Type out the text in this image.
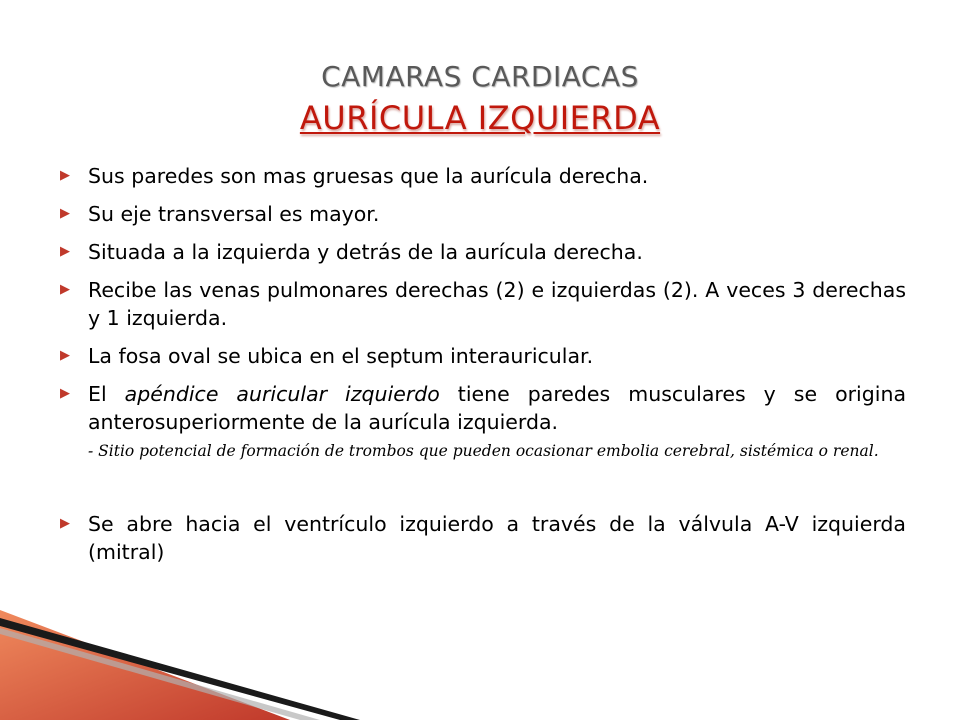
CAMARAS CARDIACAS
AURÍCULA IZQUIERDA
▶ Sus paredes son mas gruesas que la aurícula derecha.
▶ Su eje transversal es mayor.
▶ Situada a la izquierda y detrás de la aurícula derecha.
▶ Recibe las venas pulmonares derechas (2) e izquierdas (2). A veces 3 derechas y 1 izquierda.
▶ La fosa oval se ubica en el septum interauricular.
▶ El apéndice auricular izquierdo tiene paredes musculares y se origina anterosuperiormente de la aurícula izquierda.
- Sitio potencial de formación de trombos que pueden ocasionar embolia cerebral, sistémica o renal.
▶ Se abre hacia el ventrículo izquierdo a través de la válvula A-V izquierda (mitral)
